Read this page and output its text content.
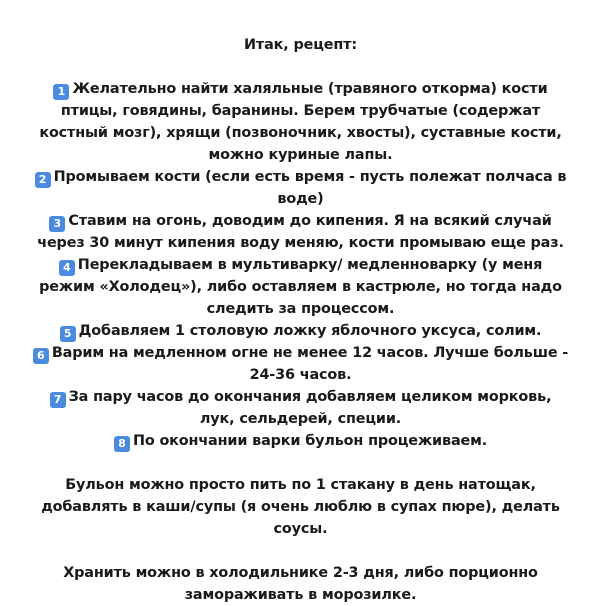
Итак, рецепт:

1 Желательно найти халяльные (травяного откорма) кости птицы, говядины, баранины. Берем трубчатые (содержат костный мозг), хрящи (позвоночник, хвосты), суставные кости, можно куриные лапы.

2 Промываем кости (если есть время - пусть полежат полчаса в воде)

3 Ставим на огонь, доводим до кипения. Я на всякий случай через 30 минут кипения воду меняю, кости промываю еще раз.

4 Перекладываем в мультиварку/ медленноварку (у меня режим «Холодец»), либо оставляем в кастрюле, но тогда надо следить за процессом.

5 Добавляем 1 столовую ложку яблочного уксуса, солим.

6 Варим на медленном огне не менее 12 часов. Лучше больше - 24-36 часов.

7 За пару часов до окончания добавляем целиком морковь, лук, сельдерей, специи.

8 По окончании варки бульон процеживаем.

Бульон можно просто пить по 1 стакану в день натощак, добавлять в каши/супы (я очень люблю в супах пюре), делать соусы.

Хранить можно в холодильнике 2-3 дня, либо порционно замораживать в морозилке.
